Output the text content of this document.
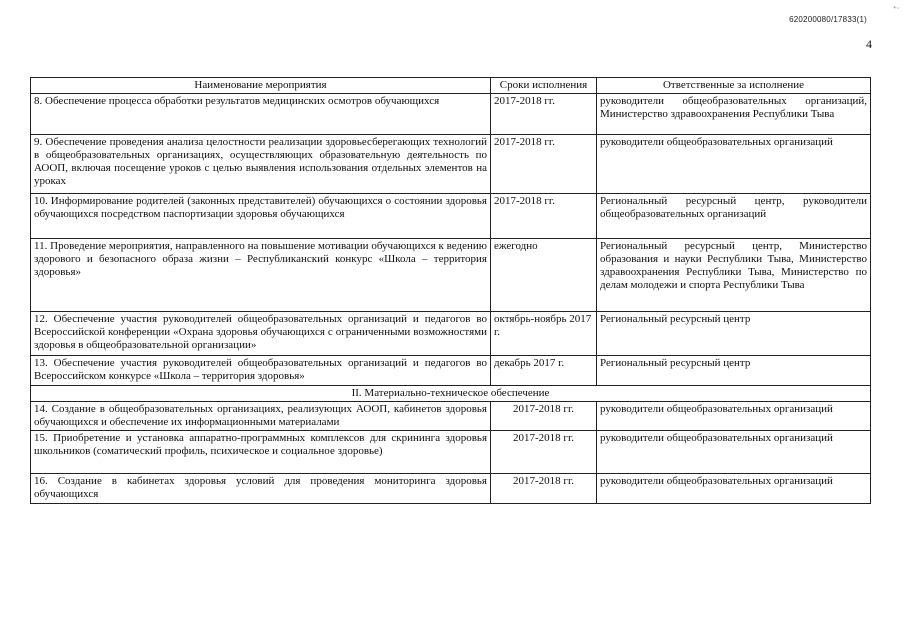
620200080/17833(1)
⁺ᐧ
4
Наименование мероприятия	Сроки исполнения	Ответственные за исполнение
8. Обеспечение процесса обработки результатов медицинских осмотров обучающихся	2017-2018 гг.	руководители общеобразовательных организаций, Министерство здравоохранения Республики Тыва
9. Обеспечение проведения анализа целостности реализации здоровьесберегающих технологий в общеобразовательных организациях, осуществляющих образовательную деятельность по АООП, включая посещение уроков с целью выявления использования отдельных элементов на уроках	2017-2018 гг.	руководители общеобразовательных организаций
10. Информирование родителей (законных представителей) обучающихся о состоянии здоровья обучающихся посредством паспортизации здоровья обучающихся	2017-2018 гг.	Региональный ресурсный центр, руководители общеобразовательных организаций
11. Проведение мероприятия, направленного на повышение мотивации обучающихся к ведению здорового и безопасного образа жизни – Республиканский конкурс «Школа – территория здоровья»	ежегодно	Региональный ресурсный центр, Министерство образования и науки Республики Тыва, Министерство здравоохранения Республики Тыва, Министерство по делам молодежи и спорта Республики Тыва
12. Обеспечение участия руководителей общеобразовательных организаций и педагогов во Всероссийской конференции «Охрана здоровья обучающихся с ограниченными возможностями здоровья в общеобразовательной организации»	октябрь-ноябрь 2017 г.	Региональный ресурсный центр
13. Обеспечение участия руководителей общеобразовательных организаций и педагогов во Всероссийском конкурсе «Школа – территория здоровья»	декабрь 2017 г.	Региональный ресурсный центр
II. Материально-техническое обеспечение		
14. Создание в общеобразовательных организациях, реализующих АООП, кабинетов здоровья обучающихся и обеспечение их информационными материалами	2017-2018 гг.	руководители общеобразовательных организаций
15. Приобретение и установка аппаратно-программных комплексов для скрининга здоровья школьников (соматический профиль, психическое и социальное здоровье)	2017-2018 гг.	руководители общеобразовательных организаций
16. Создание в кабинетах здоровья условий для проведения мониторинга здоровья обучающихся	2017-2018 гг.	руководители общеобразовательных организаций
